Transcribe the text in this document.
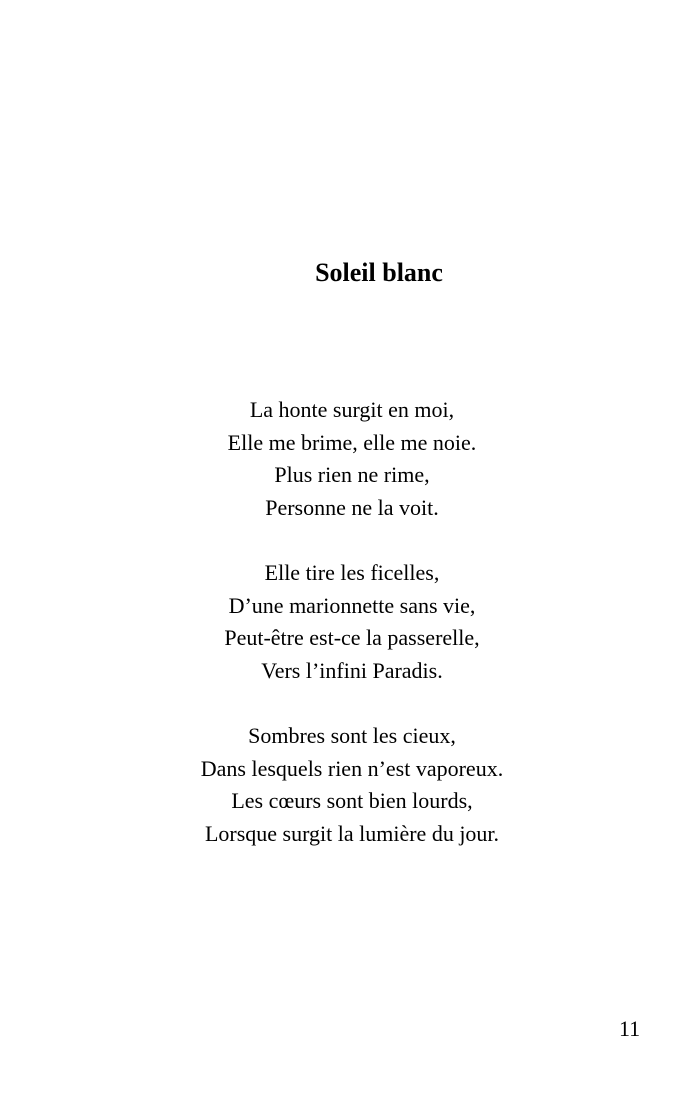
Soleil blanc
La honte surgit en moi,
Elle me brime, elle me noie.
Plus rien ne rime,
Personne ne la voit.
Elle tire les ficelles,
D’une marionnette sans vie,
Peut-être est-ce la passerelle,
Vers l’infini Paradis.
Sombres sont les cieux,
Dans lesquels rien n’est vaporeux.
Les cœurs sont bien lourds,
Lorsque surgit la lumière du jour.
11
